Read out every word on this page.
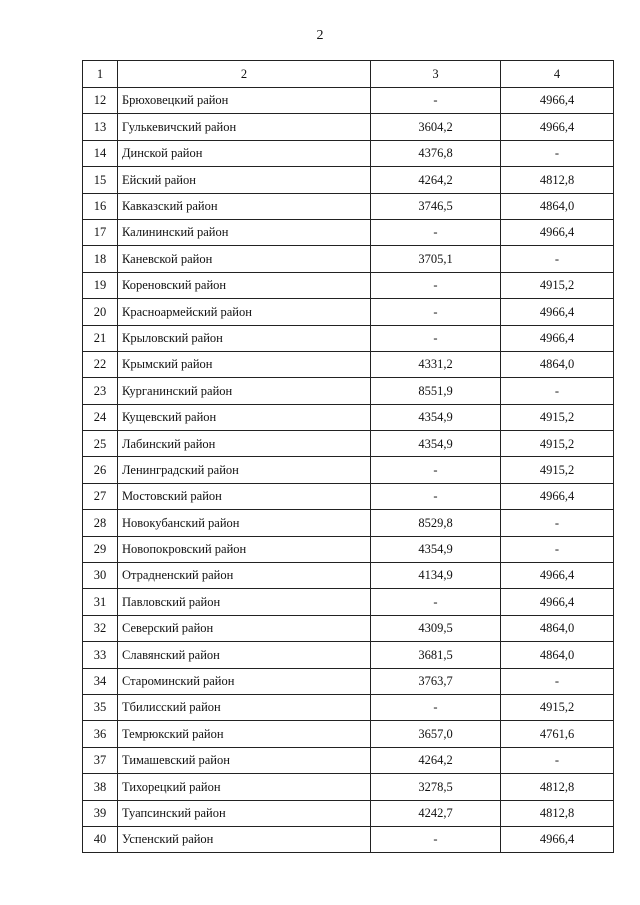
2
1	2	3	4
12	Брюховецкий район	-	4966,4
13	Гулькевичский район	3604,2	4966,4
14	Динской район	4376,8	-
15	Ейский район	4264,2	4812,8
16	Кавказский район	3746,5	4864,0
17	Калининский район	-	4966,4
18	Каневской район	3705,1	-
19	Кореновский район	-	4915,2
20	Красноармейский район	-	4966,4
21	Крыловский район	-	4966,4
22	Крымский район	4331,2	4864,0
23	Курганинский район	8551,9	-
24	Кущевский район	4354,9	4915,2
25	Лабинский район	4354,9	4915,2
26	Ленинградский район	-	4915,2
27	Мостовский район	-	4966,4
28	Новокубанский район	8529,8	-
29	Новопокровский район	4354,9	-
30	Отрадненский район	4134,9	4966,4
31	Павловский район	-	4966,4
32	Северский район	4309,5	4864,0
33	Славянский район	3681,5	4864,0
34	Староминский район	3763,7	-
35	Тбилисский район	-	4915,2
36	Темрюкский район	3657,0	4761,6
37	Тимашевский район	4264,2	-
38	Тихорецкий район	3278,5	4812,8
39	Туапсинский район	4242,7	4812,8
40	Успенский район	-	4966,4
